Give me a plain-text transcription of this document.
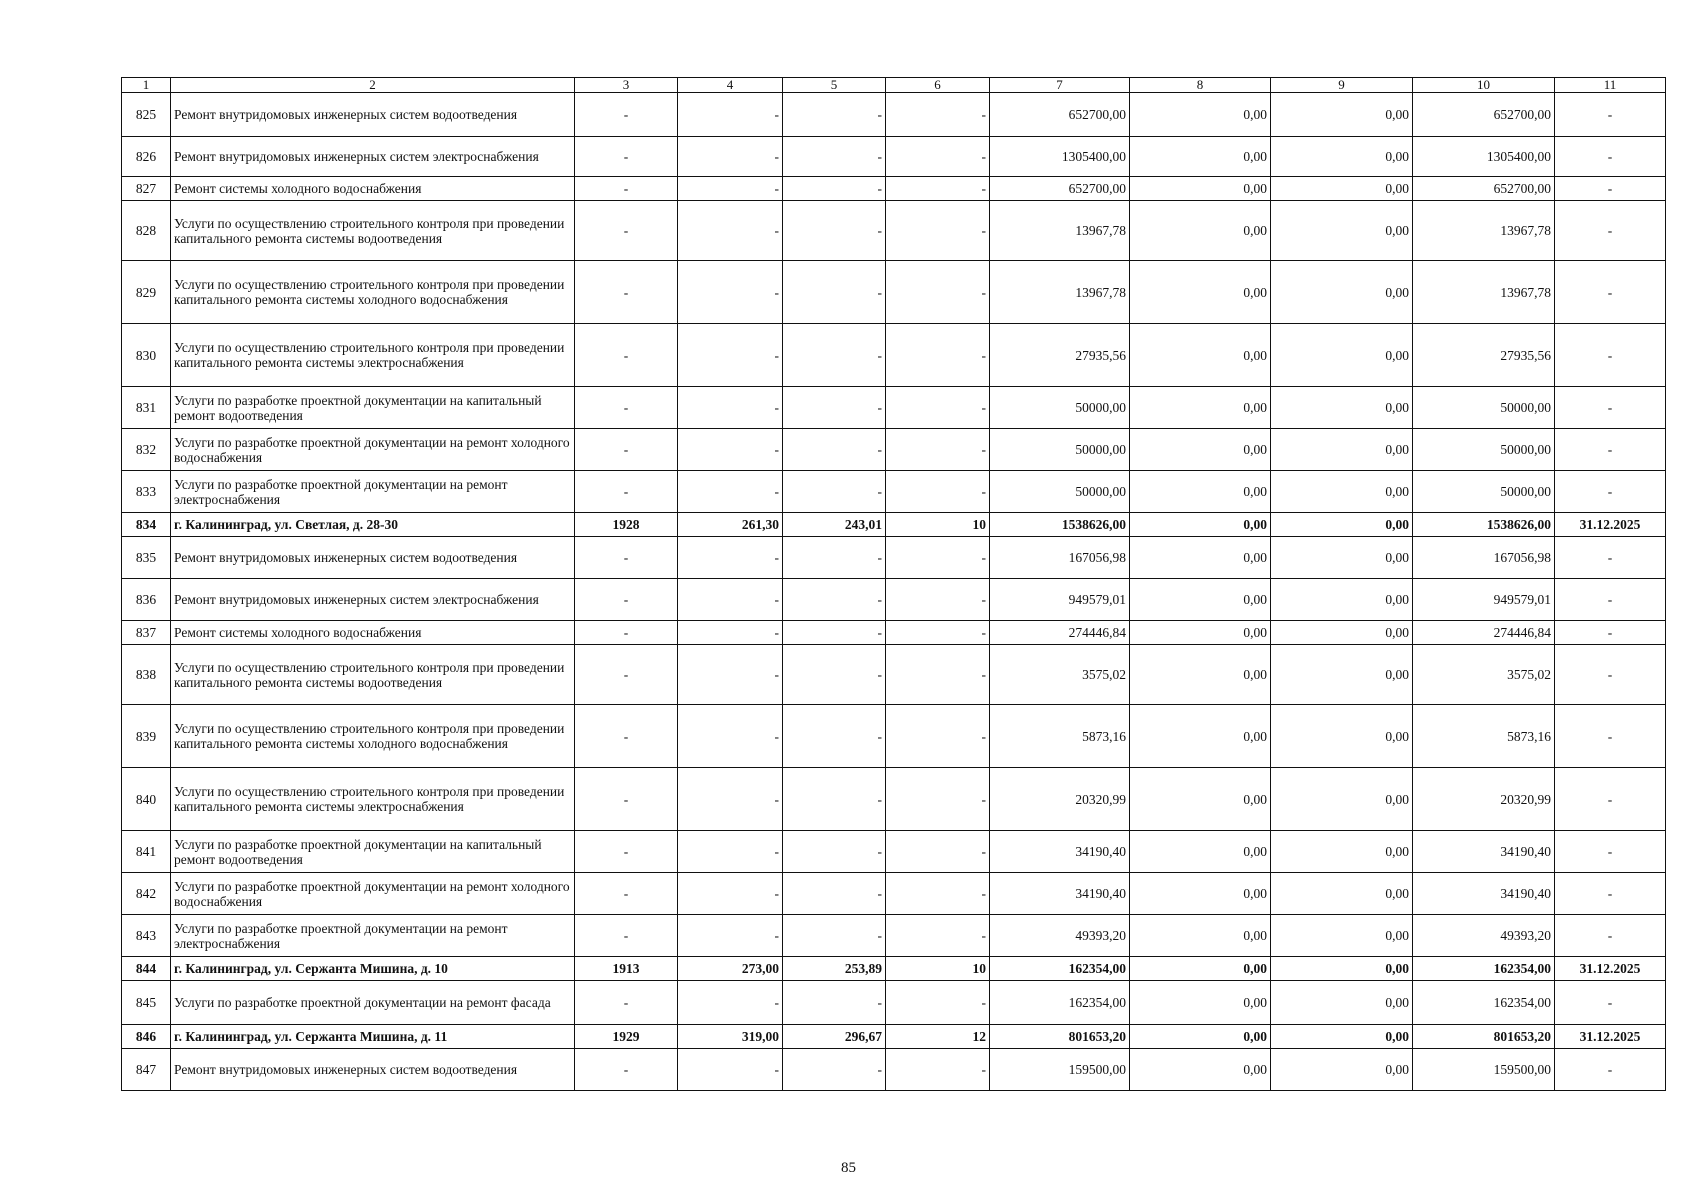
1	2	3	4	5	6	7	8	9	10	11
825	Ремонт внутридомовых инженерных систем водоотведения	-	-	-	-	652700,00	0,00	0,00	652700,00	-
826	Ремонт внутридомовых инженерных систем электроснабжения	-	-	-	-	1305400,00	0,00	0,00	1305400,00	-
827	Ремонт системы холодного водоснабжения	-	-	-	-	652700,00	0,00	0,00	652700,00	-
828	Услуги по осуществлению строительного контроля при проведении капитального ремонта системы водоотведения	-	-	-	-	13967,78	0,00	0,00	13967,78	-
829	Услуги по осуществлению строительного контроля при проведении капитального ремонта системы холодного водоснабжения	-	-	-	-	13967,78	0,00	0,00	13967,78	-
830	Услуги по осуществлению строительного контроля при проведении капитального ремонта системы электроснабжения	-	-	-	-	27935,56	0,00	0,00	27935,56	-
831	Услуги по разработке проектной документации на капитальный ремонт водоотведения	-	-	-	-	50000,00	0,00	0,00	50000,00	-
832	Услуги по разработке проектной документации на ремонт холодного водоснабжения	-	-	-	-	50000,00	0,00	0,00	50000,00	-
833	Услуги по разработке проектной документации на ремонт электроснабжения	-	-	-	-	50000,00	0,00	0,00	50000,00	-
834	г. Калининград, ул. Светлая, д. 28-30	1928	261,30	243,01	10	1538626,00	0,00	0,00	1538626,00	31.12.2025
835	Ремонт внутридомовых инженерных систем водоотведения	-	-	-	-	167056,98	0,00	0,00	167056,98	-
836	Ремонт внутридомовых инженерных систем электроснабжения	-	-	-	-	949579,01	0,00	0,00	949579,01	-
837	Ремонт системы холодного водоснабжения	-	-	-	-	274446,84	0,00	0,00	274446,84	-
838	Услуги по осуществлению строительного контроля при проведении капитального ремонта системы водоотведения	-	-	-	-	3575,02	0,00	0,00	3575,02	-
839	Услуги по осуществлению строительного контроля при проведении капитального ремонта системы холодного водоснабжения	-	-	-	-	5873,16	0,00	0,00	5873,16	-
840	Услуги по осуществлению строительного контроля при проведении капитального ремонта системы электроснабжения	-	-	-	-	20320,99	0,00	0,00	20320,99	-
841	Услуги по разработке проектной документации на капитальный ремонт водоотведения	-	-	-	-	34190,40	0,00	0,00	34190,40	-
842	Услуги по разработке проектной документации на ремонт холодного водоснабжения	-	-	-	-	34190,40	0,00	0,00	34190,40	-
843	Услуги по разработке проектной документации на ремонт электроснабжения	-	-	-	-	49393,20	0,00	0,00	49393,20	-
844	г. Калининград, ул. Сержанта Мишина, д. 10	1913	273,00	253,89	10	162354,00	0,00	0,00	162354,00	31.12.2025
845	Услуги по разработке проектной документации на ремонт фасада	-	-	-	-	162354,00	0,00	0,00	162354,00	-
846	г. Калининград, ул. Сержанта Мишина, д. 11	1929	319,00	296,67	12	801653,20	0,00	0,00	801653,20	31.12.2025
847	Ремонт внутридомовых инженерных систем водоотведения	-	-	-	-	159500,00	0,00	0,00	159500,00	-
85
